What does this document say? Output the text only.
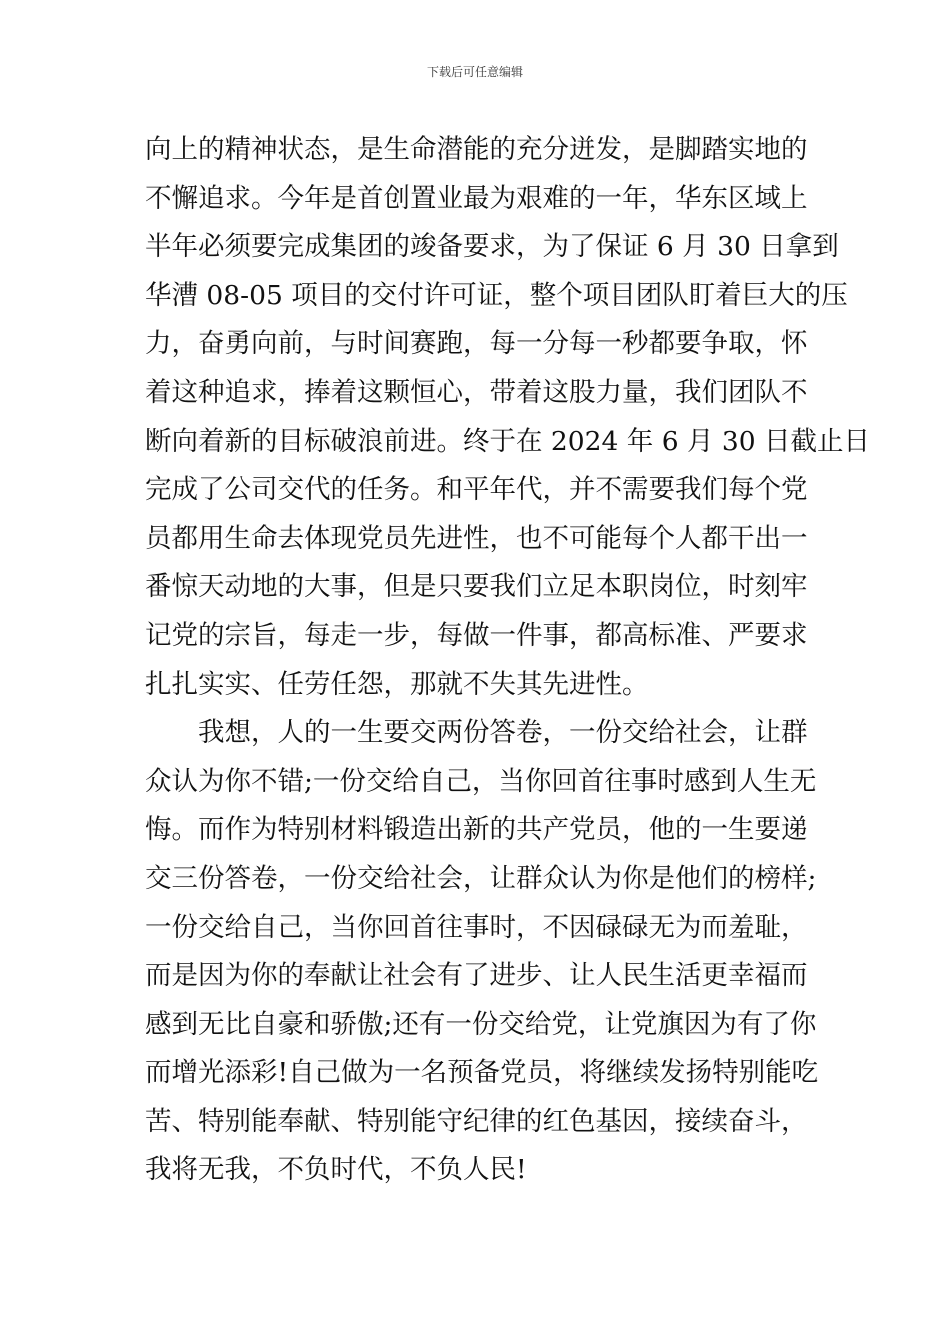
下载后可任意编辑
向上的精神状态，是生命潜能的充分迸发，是脚踏实地的
不懈追求。今年是首创置业最为艰难的一年，华东区域上
半年必须要完成集团的竣备要求，为了保证 6 月 30 日拿到
华漕 08-05 项目的交付许可证，整个项目团队盯着巨大的压
力，奋勇向前，与时间赛跑，每一分每一秒都要争取，怀
着这种追求，捧着这颗恒心，带着这股力量，我们团队不
断向着新的目标破浪前进。终于在 2024 年 6 月 30 日截止日
完成了公司交代的任务。和平年代，并不需要我们每个党
员都用生命去体现党员先进性，也不可能每个人都干出一
番惊天动地的大事，但是只要我们立足本职岗位，时刻牢
记党的宗旨，每走一步，每做一件事，都高标准、严要求
扎扎实实、任劳任怨，那就不失其先进性。
我想，人的一生要交两份答卷，一份交给社会，让群
众认为你不错;一份交给自己，当你回首往事时感到人生无
悔。而作为特别材料锻造出新的共产党员，他的一生要递
交三份答卷，一份交给社会，让群众认为你是他们的榜样;
一份交给自己，当你回首往事时，不因碌碌无为而羞耻，
而是因为你的奉献让社会有了进步、让人民生活更幸福而
感到无比自豪和骄傲;还有一份交给党，让党旗因为有了你
而增光添彩!自己做为一名预备党员，将继续发扬特别能吃
苦、特别能奉献、特别能守纪律的红色基因，接续奋斗，
我将无我，不负时代，不负人民!
